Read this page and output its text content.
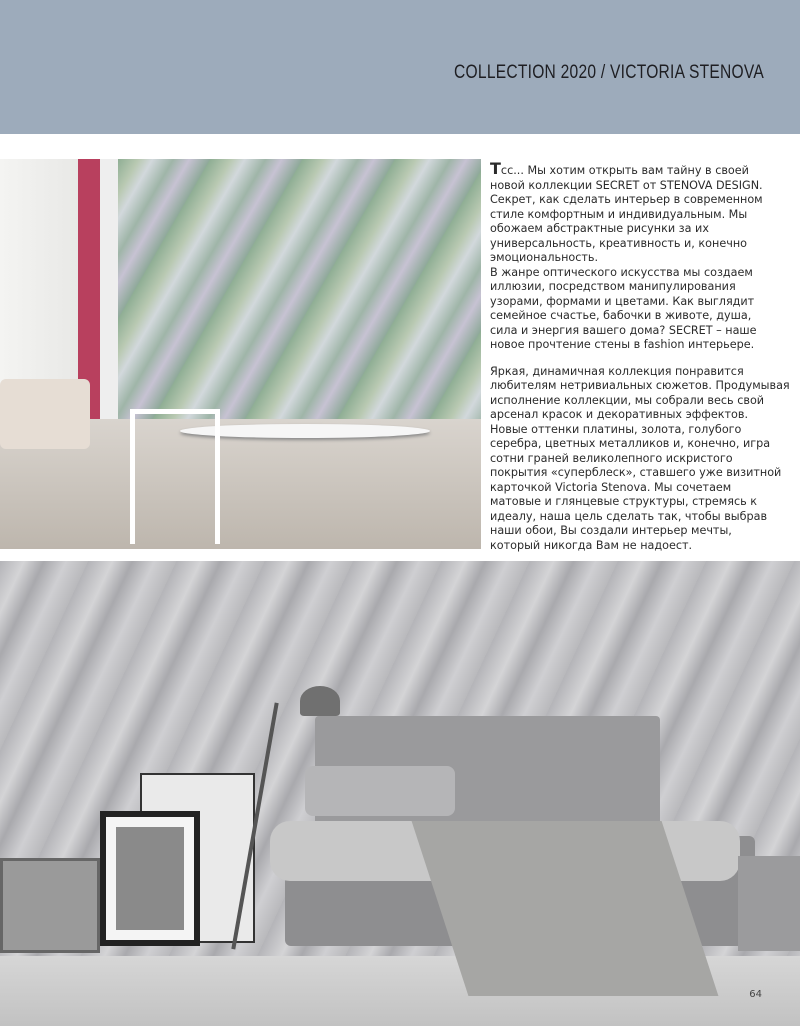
COLLECTION 2020 / VICTORIA STENOVA

Тсс... Мы хотим открыть вам тайну в своей
новой коллекции SECRET от STENOVA DESIGN.
Секрет, как сделать интерьер в современном
стиле комфортным и индивидуальным. Мы
обожаем абстрактные рисунки за их
универсальность, креативность и, конечно
эмоциональность.
В жанре оптического искусства мы создаем
иллюзии, посредством манипулирования
узорами, формами и цветами. Как выглядит
семейное счастье, бабочки в животе, душа,
сила и энергия вашего дома? SECRET – наше
новое прочтение стены в fashion интерьере.

Яркая, динамичная коллекция понравится
любителям нетривиальных сюжетов. Продумывая
исполнение коллекции, мы собрали весь свой
арсенал красок и декоративных эффектов.
Новые оттенки платины, золота, голубого
серебра, цветных металликов и, конечно, игра
сотни граней великолепного искристого
покрытия «суперблеск», ставшего уже визитной
карточкой Victoria Stenova. Мы сочетаем
матовые и глянцевые структуры, стремясь к
идеалу, наша цель сделать так, чтобы выбрав
наши обои, Вы создали интерьер мечты,
который никогда Вам не надоест.

64
